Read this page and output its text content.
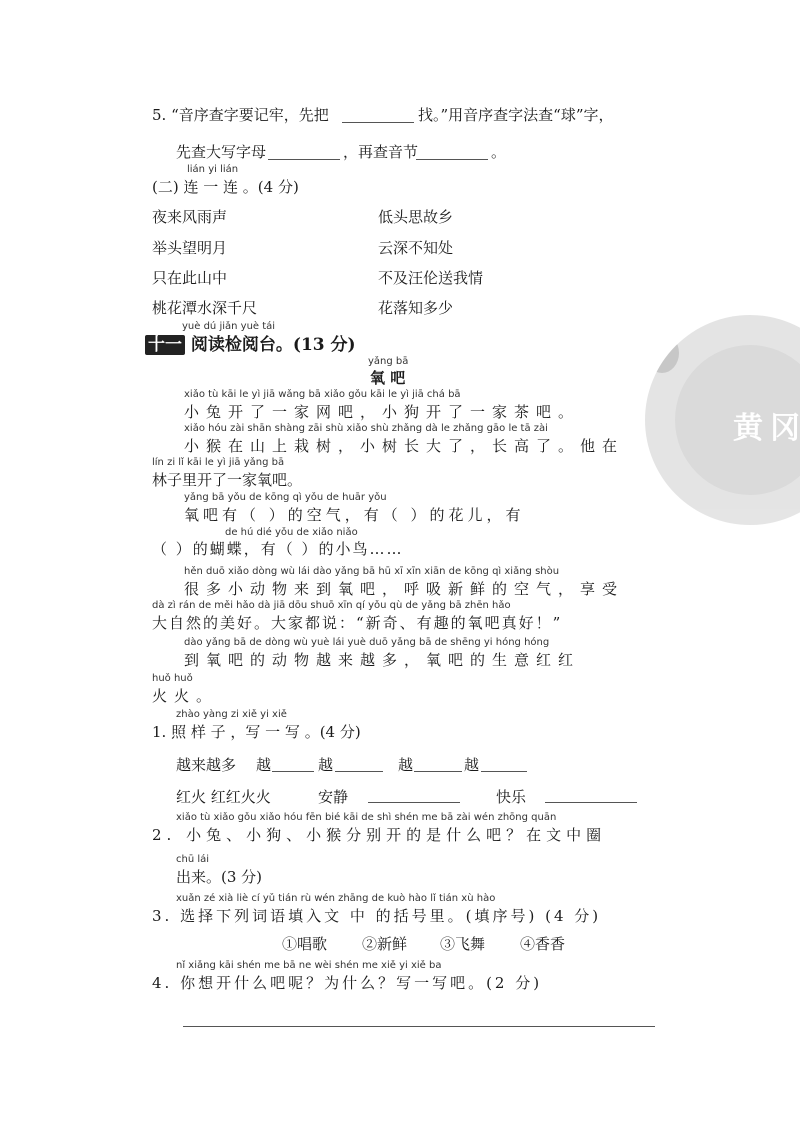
黄 冈
5. “音序查字要记牢，先把	找。”用音序查字法查“球”字，
先查大写字母	，再查音节	。
lián yi lián
(二) 连 一 连 。(4 分)
夜来风雨声
举头望明月
只在此山中
桃花潭水深千尺
低头思故乡
云深不知处
不及汪伦送我情
花落知多少
yuè dú jiǎn yuè tái
十一 阅读检阅台。(13 分)
yǎng bā
氧 吧
xiǎo tù kāi le yì jiā wǎng bā xiǎo gǒu kāi le yì jiā chá bā
小兔开了一家网吧，小狗开了一家茶吧。
xiǎo hóu zài shān shàng zāi shù xiǎo shù zhǎng dà le zhǎng gāo le tā zài
小猴在山上栽树，小树长大了，长高了。他在
lín zi lǐ kāi le yì jiā yǎng bā
林子里开了一家氧吧。
yǎng bā yǒu de kōng qì yǒu de huār yǒu
氧吧有（ ）的空气，有（ ）的花儿，有
de hú dié yǒu de xiǎo niǎo
（ ）的蝴蝶，有（ ）的小鸟……
hěn duō xiǎo dòng wù lái dào yǎng bā hū xī xīn xiān de kōng qì xiǎng shòu
很多小动物来到氧吧，呼吸新鲜的空气，享受
dà zì rán de měi hǎo dà jiā dōu shuō xīn qí yǒu qù de yǎng bā zhēn hǎo
大自然的美好。大家都说：“新奇、有趣的氧吧真好！”
dào yǎng bā de dòng wù yuè lái yuè duō yǎng bā de shēng yi hóng hóng
到氧吧的动物越来越多，氧吧的生意红红
huǒ huǒ
火火。
zhào yàng zi xiě yi xiě
1. 照 样 子 ，写 一 写 。(4 分)
越来越多 越	越	越	越
红火 红红火火	安静	快乐
xiǎo tù xiǎo gǒu xiǎo hóu fēn bié kāi de shì shén me bā zài wén zhōng quān
2. 小兔、小狗、小猴分别开的是什么吧？在文中圈
chū lái
出来。(3 分)
xuǎn zé xià liè cí yǔ tián rù wén zhāng de kuò hào lǐ tián xù hào
3. 选择下列词语填入文 中 的括号里。(填序号) (4 分)
①唱歌 ②新鲜 ③飞舞 ④香香
nǐ xiǎng kāi shén me bā ne wèi shén me xiě yi xiě ba
4. 你想开什么吧呢？为什么？写一写吧。(2 分)
